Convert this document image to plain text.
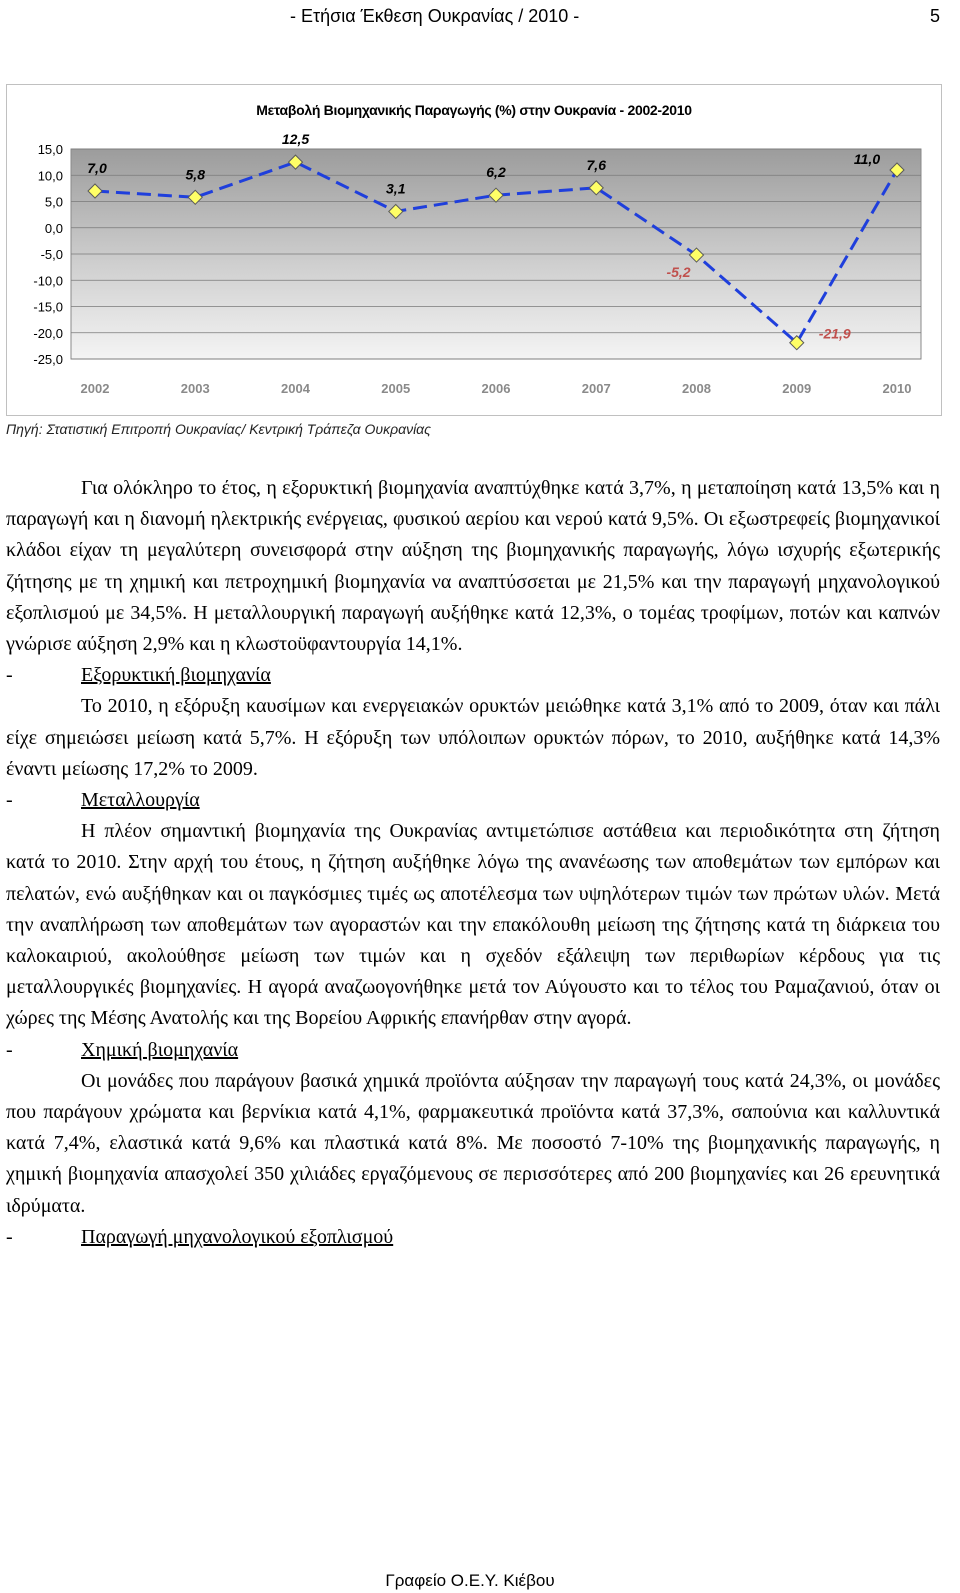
- Ετήσια Έκθεση Ουκρανίας / 2010 -	5
Μεταβολή Βιομηχανικής Παραγωγής (%) στην Ουκρανία - 2002-2010
15,0
10,0
5,0
0,0
-5,0
-10,0
-15,0
-20,0
-25,0
2002	2003	2004	2005	2006	2007	2008	2009	2010
7,0	5,8
12,5
3,1
6,2	7,6
-5,2
-21,9
11,0
Πηγή: Στατιστική Επιτροπή Ουκρανίας/ Κεντρική Τράπεζα Ουκρανίας

Για ολόκληρο το έτος, η εξορυκτική βιομηχανία αναπτύχθηκε κατά 3,7%, η μεταποίηση κατά 13,5% και η παραγωγή και η διανομή ηλεκτρικής ενέργειας, φυσικού αερίου και νερού κατά 9,5%. Οι εξωστρεφείς βιομηχανικοί κλάδοι είχαν τη μεγαλύτερη συνεισφορά στην αύξηση της βιομηχανικής παραγωγής, λόγω ισχυρής εξωτερικής ζήτησης με τη χημική και πετροχημική βιομηχανία να αναπτύσσεται με 21,5% και την παραγωγή μηχανολογικού εξοπλισμού με 34,5%. Η μεταλλουργική παραγωγή αυξήθηκε κατά 12,3%, ο τομέας τροφίμων, ποτών και καπνών γνώρισε αύξηση 2,9% και η κλωστοϋφαντουργία 14,1%.

-	Εξορυκτική βιομηχανία

Το 2010, η εξόρυξη καυσίμων και ενεργειακών ορυκτών μειώθηκε κατά 3,1% από το 2009, όταν και πάλι είχε σημειώσει μείωση κατά 5,7%. Η εξόρυξη των υπόλοιπων ορυκτών πόρων, το 2010, αυξήθηκε κατά 14,3% έναντι μείωσης 17,2% το 2009.

-	Μεταλλουργία

Η πλέον σημαντική βιομηχανία της Ουκρανίας αντιμετώπισε αστάθεια και περιοδικότητα στη ζήτηση κατά το 2010. Στην αρχή του έτους, η ζήτηση αυξήθηκε λόγω της ανανέωσης των αποθεμάτων των εμπόρων και πελατών, ενώ αυξήθηκαν και οι παγκόσμιες τιμές ως αποτέλεσμα των υψηλότερων τιμών των πρώτων υλών. Μετά την αναπλήρωση των αποθεμάτων των αγοραστών και την επακόλουθη μείωση της ζήτησης κατά τη διάρκεια του καλοκαιριού, ακολούθησε μείωση των τιμών και η σχεδόν εξάλειψη των περιθωρίων κέρδους για τις μεταλλουργικές βιομηχανίες. Η αγορά αναζωογονήθηκε μετά τον Αύγουστο και το τέλος του Ραμαζανιού, όταν οι χώρες της Μέσης Ανατολής και της Βορείου Αφρικής επανήρθαν στην αγορά.

-	Χημική βιομηχανία

Οι μονάδες που παράγουν βασικά χημικά προϊόντα αύξησαν την παραγωγή τους κατά 24,3%, οι μονάδες που παράγουν χρώματα και βερνίκια κατά 4,1%, φαρμακευτικά προϊόντα κατά 37,3%, σαπούνια και καλλυντικά κατά 7,4%, ελαστικά κατά 9,6% και πλαστικά κατά 8%. Με ποσοστό 7-10% της βιομηχανικής παραγωγής, η χημική βιομηχανία απασχολεί 350 χιλιάδες εργαζόμενους σε περισσότερες από 200 βιομηχανίες και 26 ερευνητικά ιδρύματα.

-	Παραγωγή μηχανολογικού εξοπλισμού

Γραφείο Ο.Ε.Υ. Κιέβου
